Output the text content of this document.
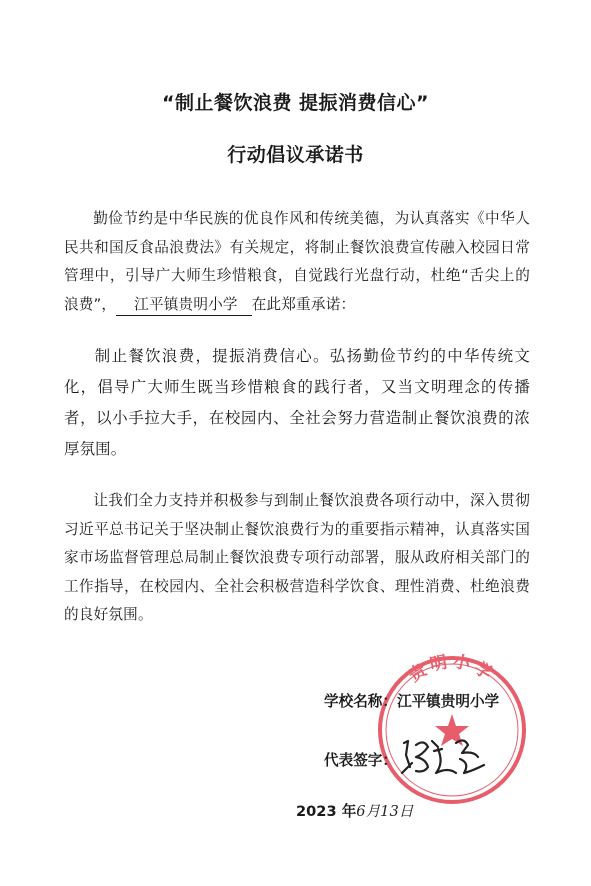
“制止餐饮浪费 提振消费信心”
行动倡议承诺书
勤俭节约是中华民族的优良作风和传统美德，为认真落实《中华人民共和国反食品浪费法》有关规定，将制止餐饮浪费宣传融入校园日常管理中，引导广大师生珍惜粮食，自觉践行光盘行动，杜绝“舌尖上的浪费”， 江平镇贵明小学 在此郑重承诺：
制止餐饮浪费，提振消费信心。弘扬勤俭节约的中华传统文化，倡导广大师生既当珍惜粮食的践行者，又当文明理念的传播者，以小手拉大手，在校园内、全社会努力营造制止餐饮浪费的浓厚氛围。
让我们全力支持并积极参与到制止餐饮浪费各项行动中，深入贯彻习近平总书记关于坚决制止餐饮浪费行为的重要指示精神，认真落实国家市场监督管理总局制止餐饮浪费专项行动部署，服从政府相关部门的工作指导，在校园内、全社会积极营造科学饮食、理性消费、杜绝浪费的良好氛围。
贵明小学
学校名称：江平镇贵明小学
代表签字：
2023 年6月13日
